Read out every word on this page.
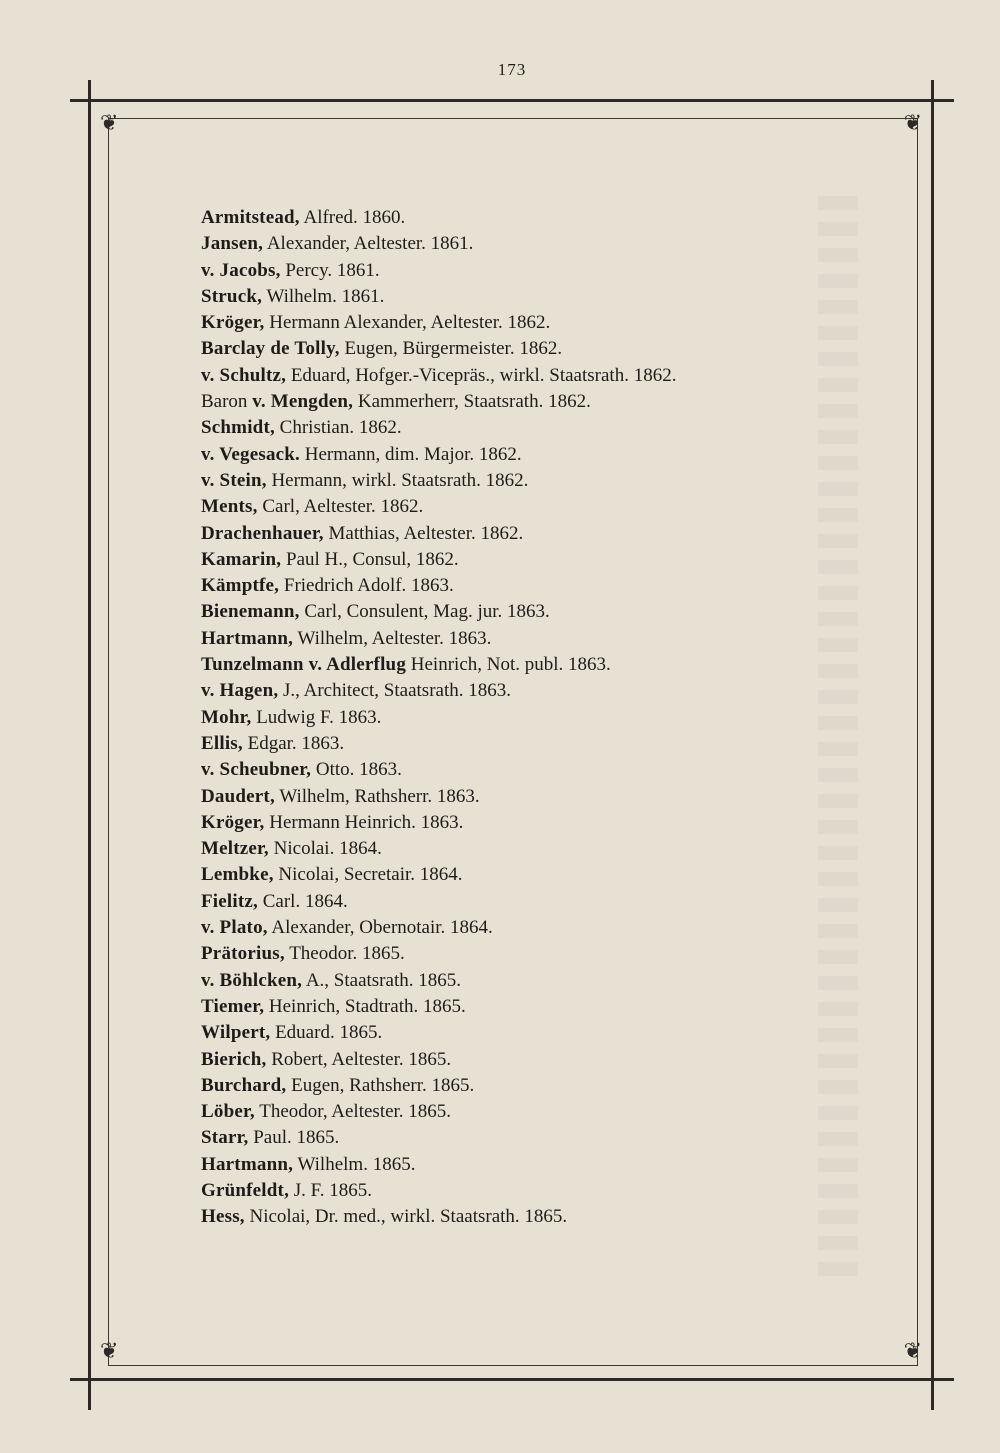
173
❦	❦
❦	❦
Armitstead, Alfred. 1860.
Jansen, Alexander, Aeltester. 1861.
v. Jacobs, Percy. 1861.
Struck, Wilhelm. 1861.
Kröger, Hermann Alexander, Aeltester. 1862.
Barclay de Tolly, Eugen, Bürgermeister. 1862.
v. Schultz, Eduard, Hofger.-Vicepräs., wirkl. Staatsrath. 1862.
Baron v. Mengden, Kammerherr, Staatsrath. 1862.
Schmidt, Christian. 1862.
v. Vegesack. Hermann, dim. Major. 1862.
v. Stein, Hermann, wirkl. Staatsrath. 1862.
Ments, Carl, Aeltester. 1862.
Drachenhauer, Matthias, Aeltester. 1862.
Kamarin, Paul H., Consul, 1862.
Kämptfe, Friedrich Adolf. 1863.
Bienemann, Carl, Consulent, Mag. jur. 1863.
Hartmann, Wilhelm, Aeltester. 1863.
Tunzelmann v. Adlerflug Heinrich, Not. publ. 1863.
v. Hagen, J., Architect, Staatsrath. 1863.
Mohr, Ludwig F. 1863.
Ellis, Edgar. 1863.
v. Scheubner, Otto. 1863.
Daudert, Wilhelm, Rathsherr. 1863.
Kröger, Hermann Heinrich. 1863.
Meltzer, Nicolai. 1864.
Lembke, Nicolai, Secretair. 1864.
Fielitz, Carl. 1864.
v. Plato, Alexander, Obernotair. 1864.
Prätorius, Theodor. 1865.
v. Böhlcken, A., Staatsrath. 1865.
Tiemer, Heinrich, Stadtrath. 1865.
Wilpert, Eduard. 1865.
Bierich, Robert, Aeltester. 1865.
Burchard, Eugen, Rathsherr. 1865.
Löber, Theodor, Aeltester. 1865.
Starr, Paul. 1865.
Hartmann, Wilhelm. 1865.
Grünfeldt, J. F. 1865.
Hess, Nicolai, Dr. med., wirkl. Staatsrath. 1865.
